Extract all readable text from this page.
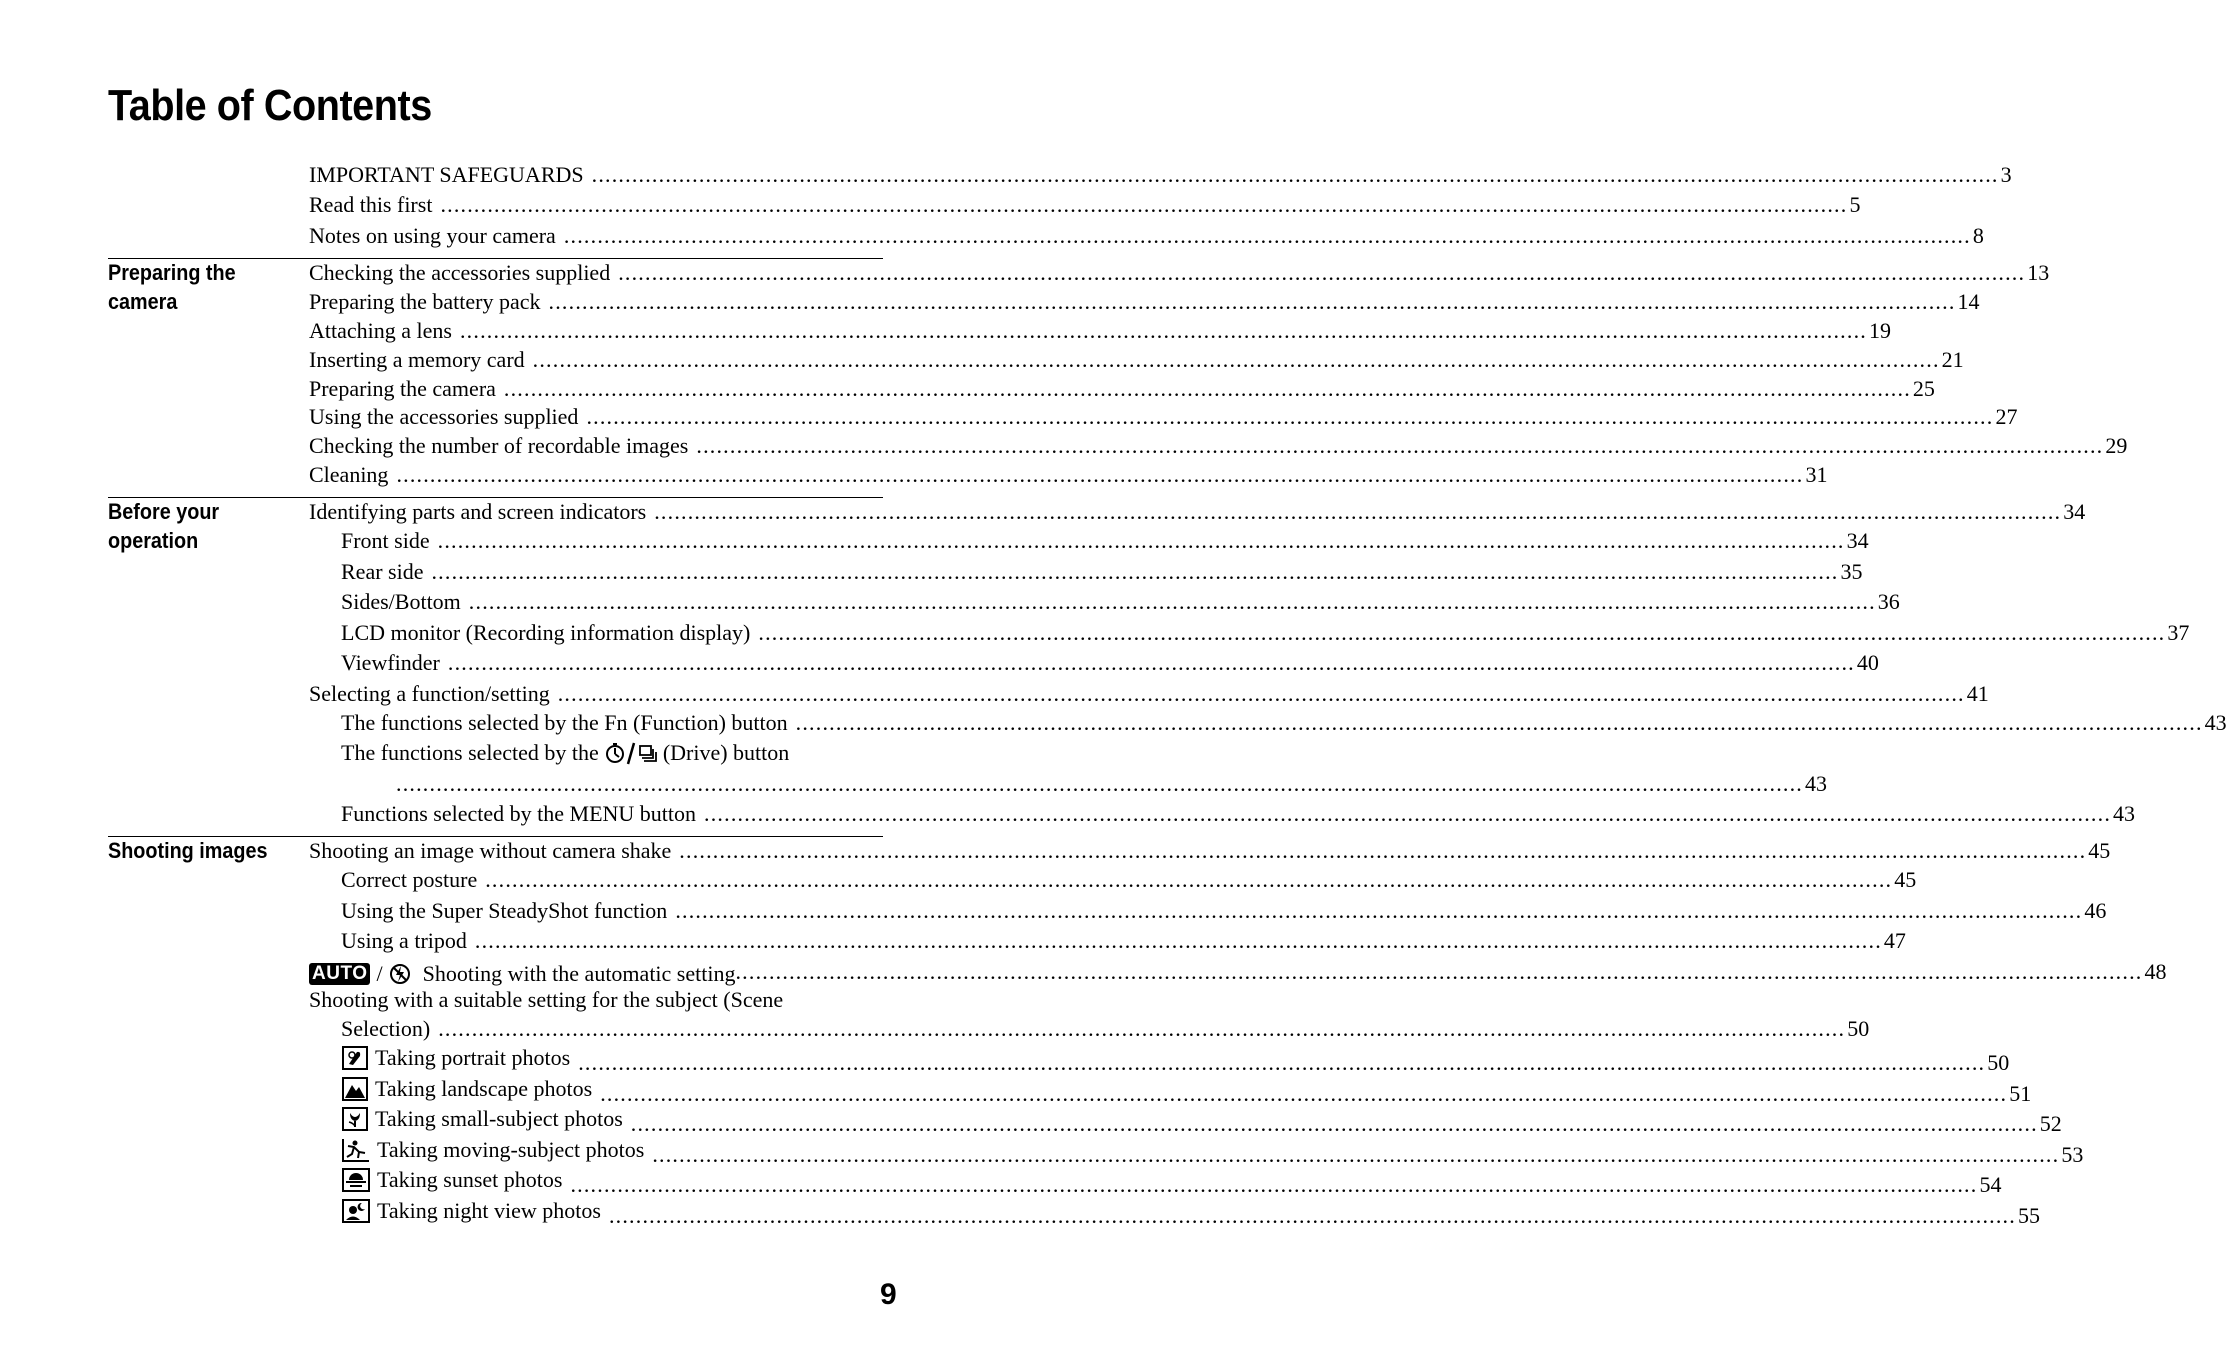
Table of Contents
IMPORTANT SAFEGUARDS .................................................................................................................................................................................................................. 3
Read this first .................................................................................................................................................................................................................. 5
Notes on using your camera .................................................................................................................................................................................................................. 8
Preparing the
camera
Checking the accessories supplied .................................................................................................................................................................................................................. 13
Preparing the battery pack .................................................................................................................................................................................................................. 14
Attaching a lens .................................................................................................................................................................................................................. 19
Inserting a memory card .................................................................................................................................................................................................................. 21
Preparing the camera .................................................................................................................................................................................................................. 25
Using the accessories supplied .................................................................................................................................................................................................................. 27
Checking the number of recordable images .................................................................................................................................................................................................................. 29
Cleaning .................................................................................................................................................................................................................. 31
Before your
operation
Identifying parts and screen indicators .................................................................................................................................................................................................................. 34
Front side .................................................................................................................................................................................................................. 34
Rear side .................................................................................................................................................................................................................. 35
Sides/Bottom .................................................................................................................................................................................................................. 36
LCD monitor (Recording information display) .................................................................................................................................................................................................................. 37
Viewfinder .................................................................................................................................................................................................................. 40
Selecting a function/setting .................................................................................................................................................................................................................. 41
The functions selected by the Fn (Function) button .................................................................................................................................................................................................................. 43
The functions selected by the	(Drive) button
.................................................................................................................................................................................................................. 43
Functions selected by the MENU button .................................................................................................................................................................................................................. 43
Shooting images	Shooting an image without camera shake .................................................................................................................................................................................................................. 45
Correct posture .................................................................................................................................................................................................................. 45
Using the Super SteadyShot function .................................................................................................................................................................................................................. 46
Using a tripod .................................................................................................................................................................................................................. 47
AUTO / Shooting with the automatic setting .................................................................................................................................................................................................................. 48
Shooting with a suitable setting for the subject (Scene
Selection) .................................................................................................................................................................................................................. 50
Taking portrait photos .................................................................................................................................................................................................................. 50
Taking landscape photos .................................................................................................................................................................................................................. 51
Taking small-subject photos .................................................................................................................................................................................................................. 52
Taking moving-subject photos .................................................................................................................................................................................................................. 53
Taking sunset photos .................................................................................................................................................................................................................. 54
Taking night view photos .................................................................................................................................................................................................................. 55
9
